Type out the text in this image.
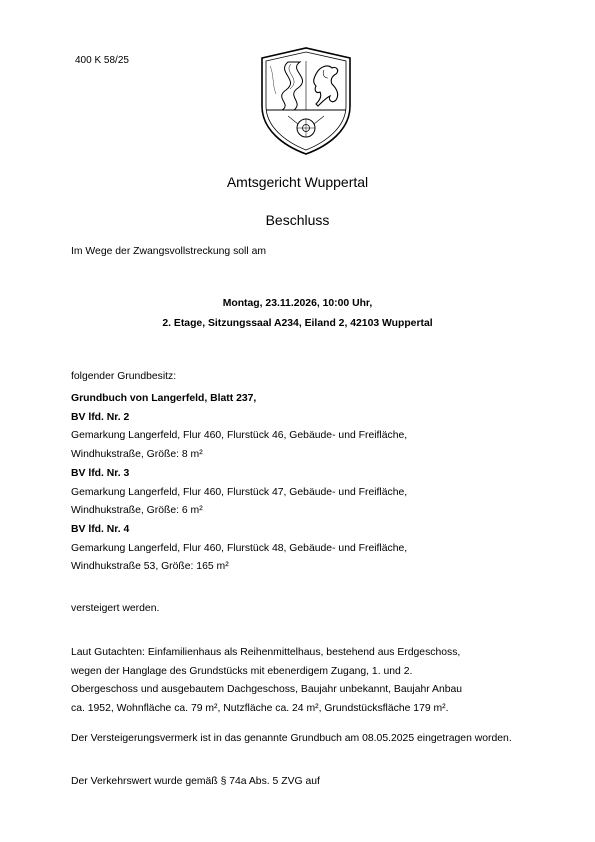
400 K 58/25
Amtsgericht Wuppertal
Beschluss
Im Wege der Zwangsvollstreckung soll am
Montag, 23.11.2026, 10:00 Uhr,
2. Etage, Sitzungssaal A234, Eiland 2, 42103 Wuppertal
folgender Grundbesitz:
Grundbuch von Langerfeld, Blatt 237,
BV lfd. Nr. 2
Gemarkung Langerfeld, Flur 460, Flurstück 46, Gebäude- und Freifläche,
Windhukstraße, Größe: 8 m²
BV lfd. Nr. 3
Gemarkung Langerfeld, Flur 460, Flurstück 47, Gebäude- und Freifläche,
Windhukstraße, Größe: 6 m²
BV lfd. Nr. 4
Gemarkung Langerfeld, Flur 460, Flurstück 48, Gebäude- und Freifläche,
Windhukstraße 53, Größe: 165 m²
versteigert werden.
Laut Gutachten: Einfamilienhaus als Reihenmittelhaus, bestehend aus Erdgeschoss,
wegen der Hanglage des Grundstücks mit ebenerdigem Zugang, 1. und 2.
Obergeschoss und ausgebautem Dachgeschoss, Baujahr unbekannt, Baujahr Anbau
ca. 1952, Wohnfläche ca. 79 m², Nutzfläche ca. 24 m², Grundstücksfläche 179 m².
Der Versteigerungsvermerk ist in das genannte Grundbuch am 08.05.2025 eingetragen worden.
Der Verkehrswert wurde gemäß § 74a Abs. 5 ZVG auf
